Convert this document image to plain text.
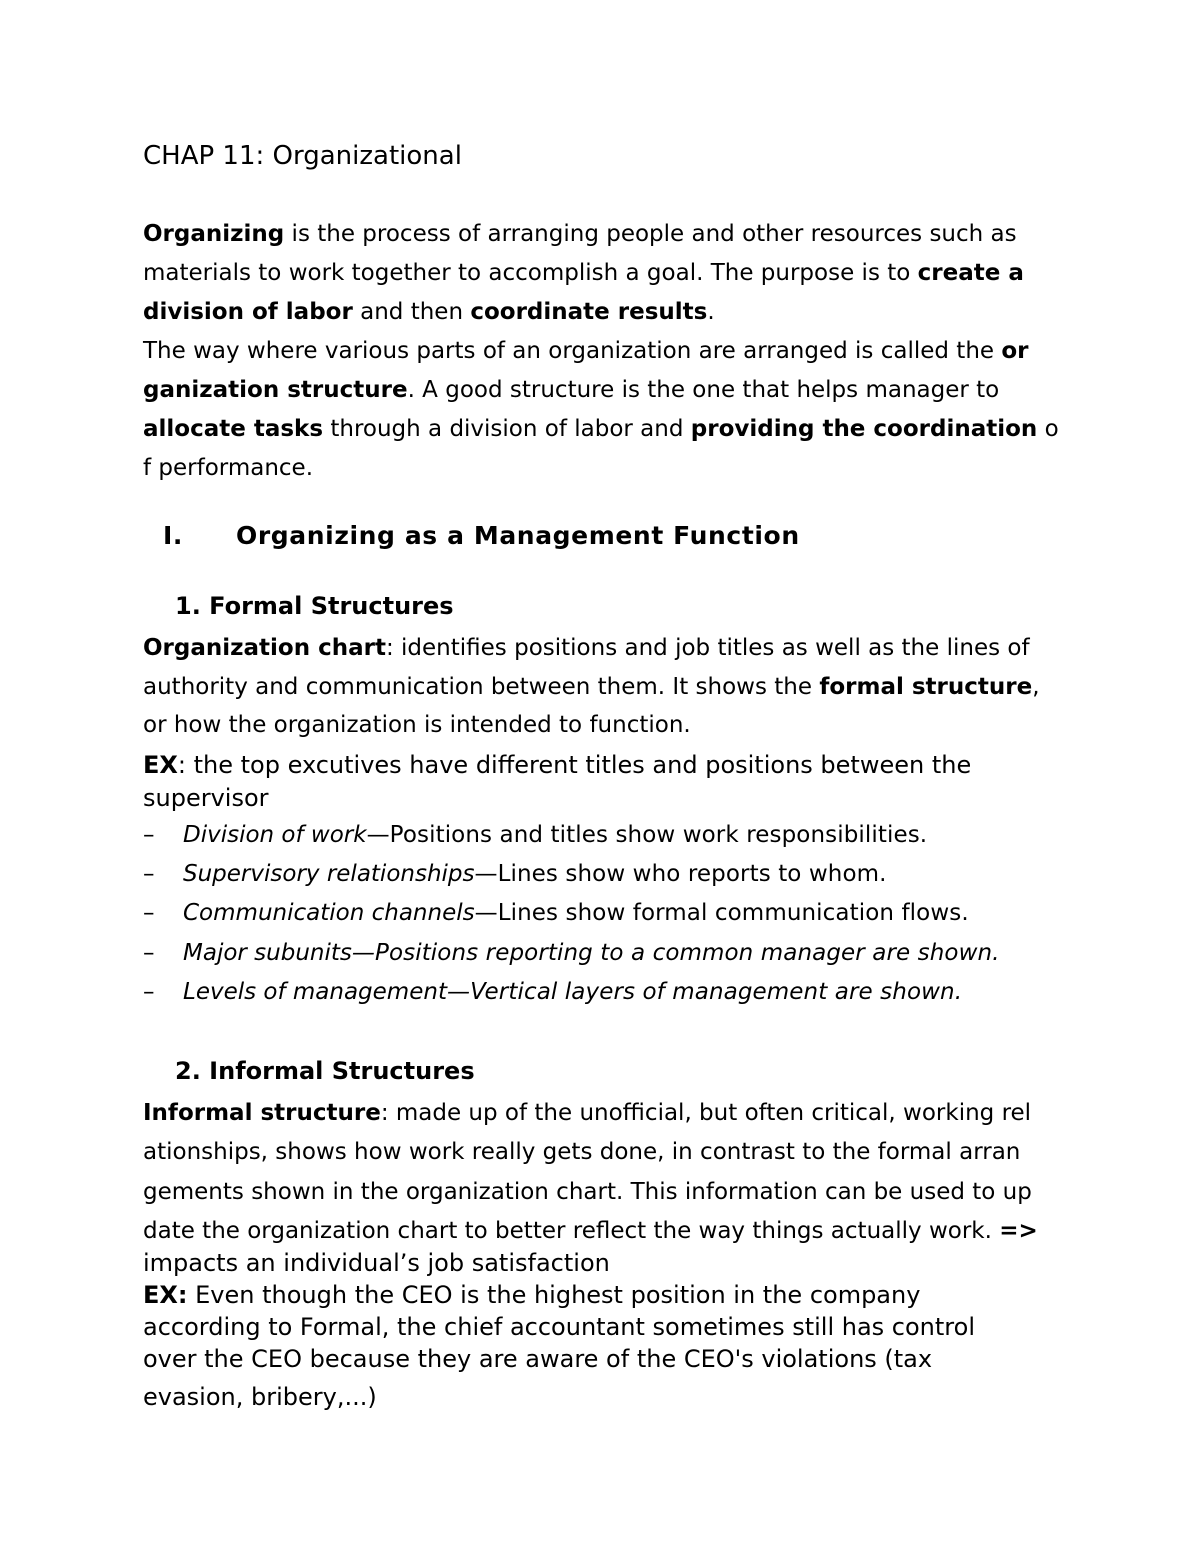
CHAP 11: Organizational
Organizing is the process of arranging people and other resources such as
materials to work together to accomplish a goal. The purpose is to create a
division of labor and then coordinate results.
The way where various parts of an organization are arranged is called the or
ganization structure. A good structure is the one that helps manager to
allocate tasks through a division of labor and providing the coordination o
f performance.
I. Organizing as a Management Function
1. Formal Structures
Organization chart: identifies positions and job titles as well as the lines of
authority and communication between them. It shows the formal structure,
or how the organization is intended to function.
EX: the top excutives have different titles and positions between the
supervisor
– Division of work—Positions and titles show work responsibilities.
– Supervisory relationships—Lines show who reports to whom.
– Communication channels—Lines show formal communication flows.
– Major subunits—Positions reporting to a common manager are shown.
– Levels of management—Vertical layers of management are shown.
2. Informal Structures
Informal structure: made up of the unofficial, but often critical, working rel
ationships, shows how work really gets done, in contrast to the formal arran
gements shown in the organization chart. This information can be used to up
date the organization chart to better reflect the way things actually work. =>
impacts an individual’s job satisfaction
EX: Even though the CEO is the highest position in the company
according to Formal, the chief accountant sometimes still has control
over the CEO because they are aware of the CEO's violations (tax
evasion, bribery,...)
